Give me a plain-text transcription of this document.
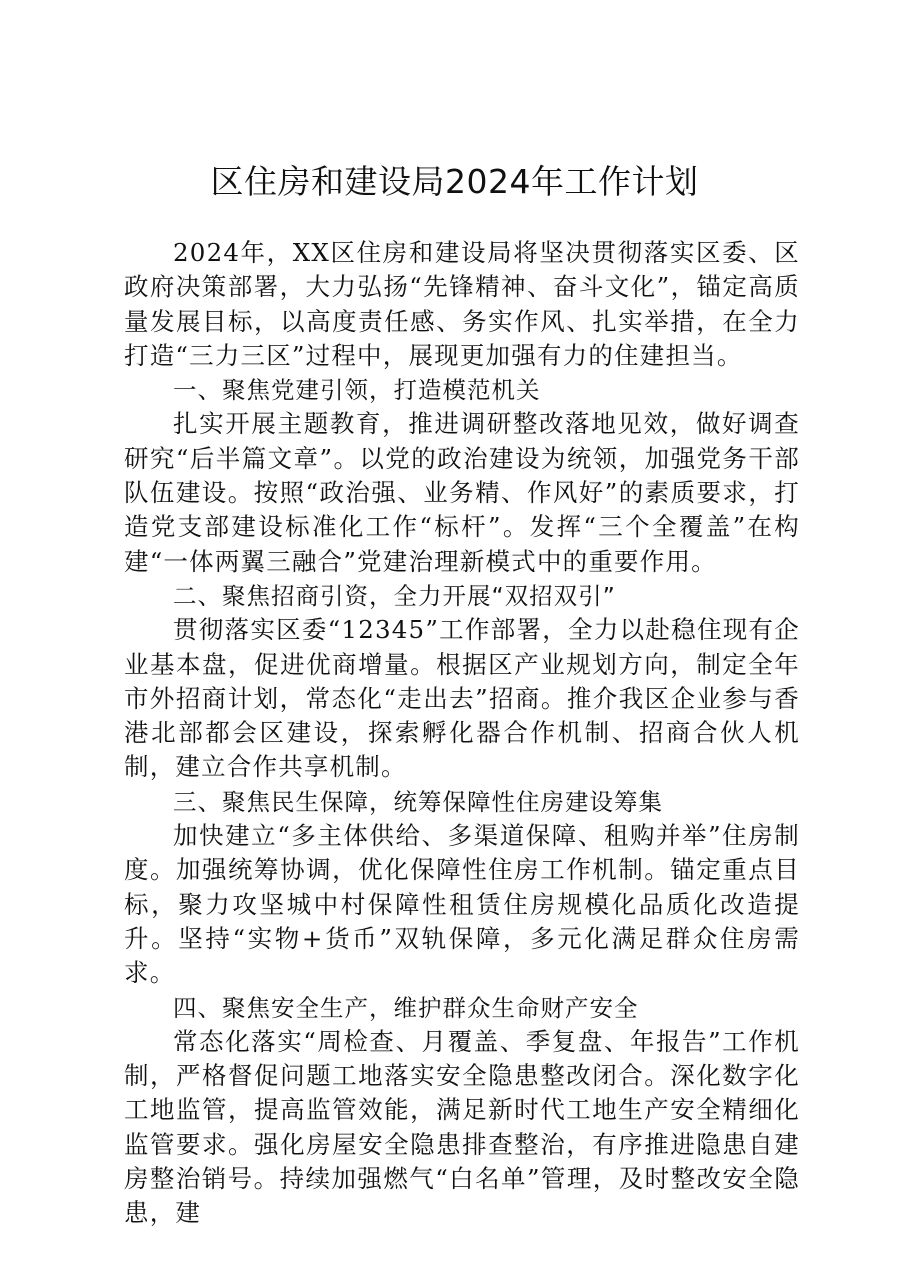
区住房和建设局2024年工作计划

2024年，XX区住房和建设局将坚决贯彻落实区委、区政府决策部署，大力弘扬“先锋精神、奋斗文化”，锚定高质量发展目标，以高度责任感、务实作风、扎实举措，在全力打造“三力三区”过程中，展现更加强有力的住建担当。

一、聚焦党建引领，打造模范机关

扎实开展主题教育，推进调研整改落地见效，做好调查研究“后半篇文章”。以党的政治建设为统领，加强党务干部队伍建设。按照“政治强、业务精、作风好”的素质要求，打造党支部建设标准化工作“标杆”。发挥“三个全覆盖”在构建“一体两翼三融合”党建治理新模式中的重要作用。

二、聚焦招商引资，全力开展“双招双引”

贯彻落实区委“12345”工作部署，全力以赴稳住现有企业基本盘，促进优商增量。根据区产业规划方向，制定全年市外招商计划，常态化“走出去”招商。推介我区企业参与香港北部都会区建设，探索孵化器合作机制、招商合伙人机制，建立合作共享机制。

三、聚焦民生保障，统筹保障性住房建设筹集

加快建立“多主体供给、多渠道保障、租购并举”住房制度。加强统筹协调，优化保障性住房工作机制。锚定重点目标，聚力攻坚城中村保障性租赁住房规模化品质化改造提升。坚持“实物+货币”双轨保障，多元化满足群众住房需求。

四、聚焦安全生产，维护群众生命财产安全

常态化落实“周检查、月覆盖、季复盘、年报告”工作机制，严格督促问题工地落实安全隐患整改闭合。深化数字化工地监管，提高监管效能，满足新时代工地生产安全精细化监管要求。强化房屋安全隐患排查整治，有序推进隐患自建房整治销号。持续加强燃气“白名单”管理，及时整改安全隐患，建
